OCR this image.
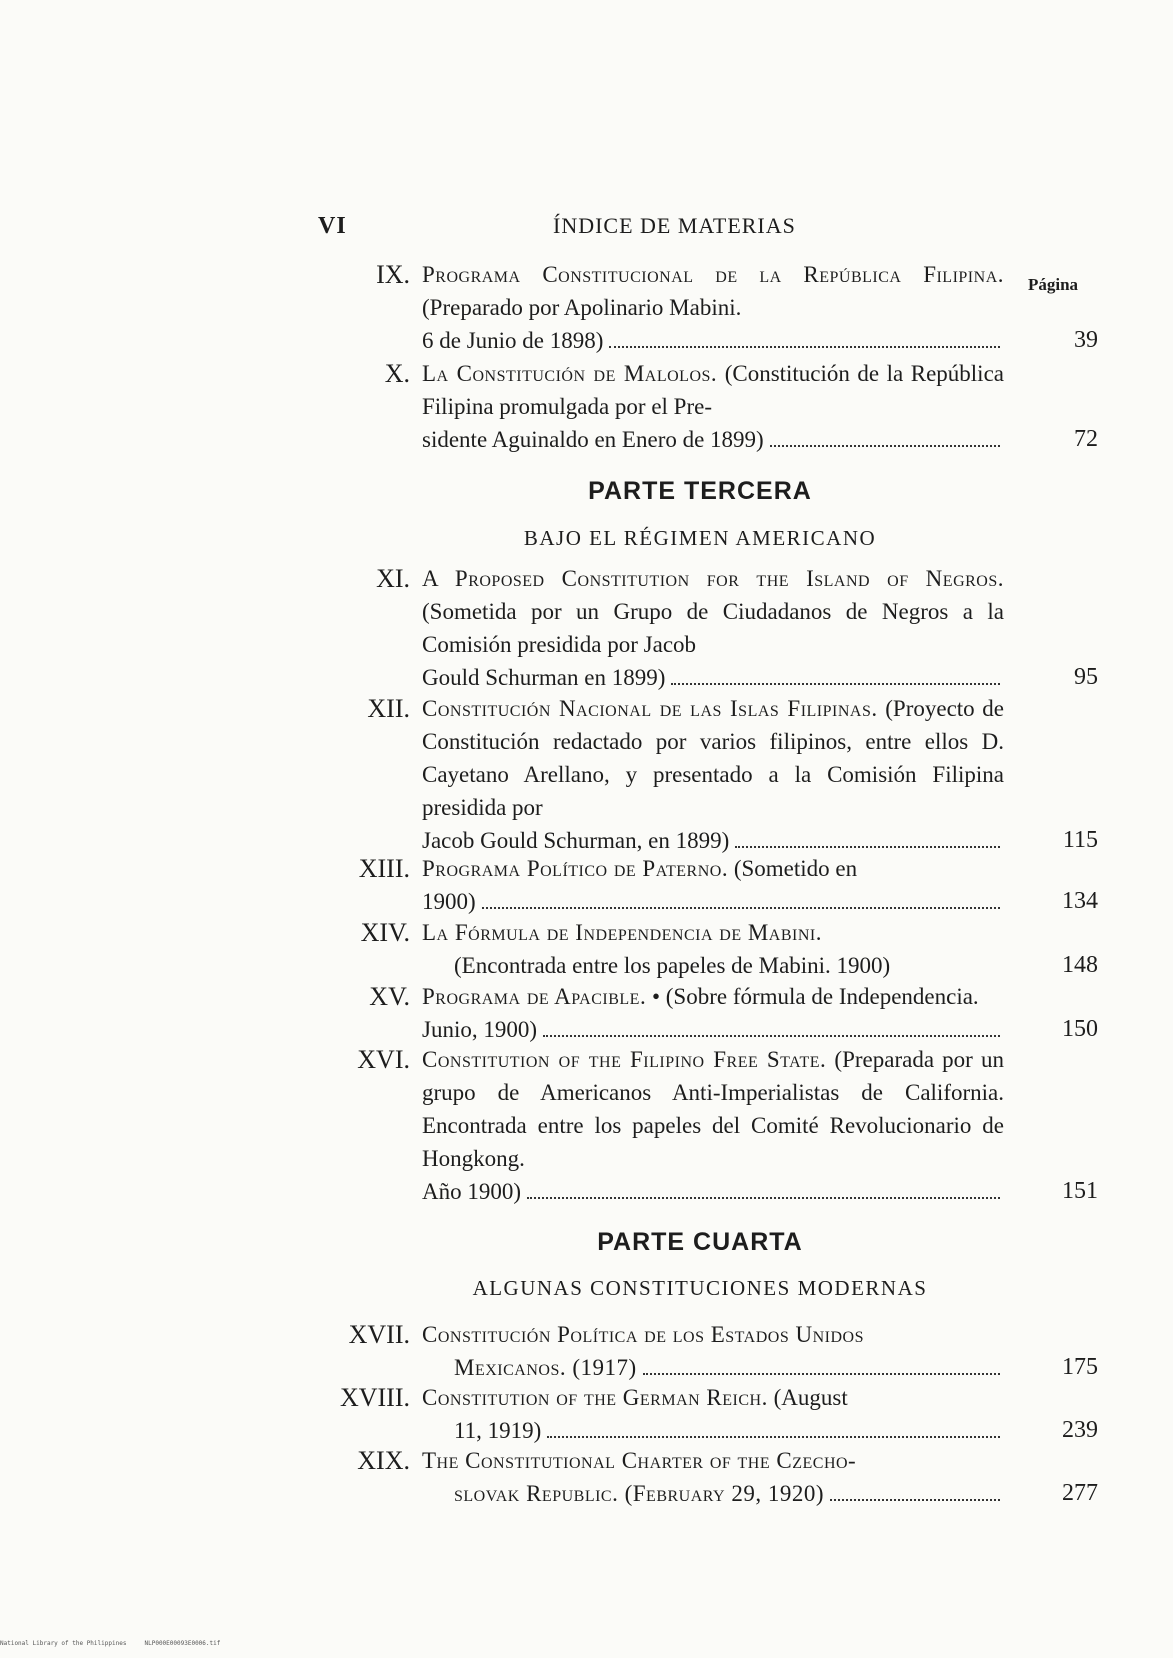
VI	ÍNDICE DE MATERIAS
Página
IX. Programa Constitucional de la República Filipina. (Preparado por Apolinario Mabini.
6 de Junio de 1898)	39
X. La Constitución de Malolos. (Constitución de la República Filipina promulgada por el Pre-
sidente Aguinaldo en Enero de 1899)	72
PARTE TERCERA
BAJO EL RÉGIMEN AMERICANO
XI. A Proposed Constitution for the Island of Negros. (Sometida por un Grupo de Ciudadanos de Negros a la Comisión presidida por Jacob
Gould Schurman en 1899)	95
XII. Constitución Nacional de las Islas Filipinas. (Proyecto de Constitución redactado por varios filipinos, entre ellos D. Cayetano Arellano, y presentado a la Comisión Filipina presidida por
Jacob Gould Schurman, en 1899)	115
XIII. Programa Político de Paterno. (Sometido en
1900)	134
XIV. La Fórmula de Independencia de Mabini.
(Encontrada entre los papeles de Mabini. 1900)	148
XV. Programa de Apacible. • (Sobre fórmula de Independencia.
Junio, 1900)	150
XVI. Constitution of the Filipino Free State. (Preparada por un grupo de Americanos Anti-Imperialistas de California. Encontrada entre los papeles del Comité Revolucionario de Hongkong.
Año 1900)	151
PARTE CUARTA
ALGUNAS CONSTITUCIONES MODERNAS
XVII. Constitución Política de los Estados Unidos
Mexicanos. (1917)	175
XVIII. Constitution of the German Reich. (August
11, 1919)	239
XIX. The Constitutional Charter of the Czecho-
slovak Republic. (February 29, 1920)	277
National Library of the Philippines	NLP000E00093E0006.tif
